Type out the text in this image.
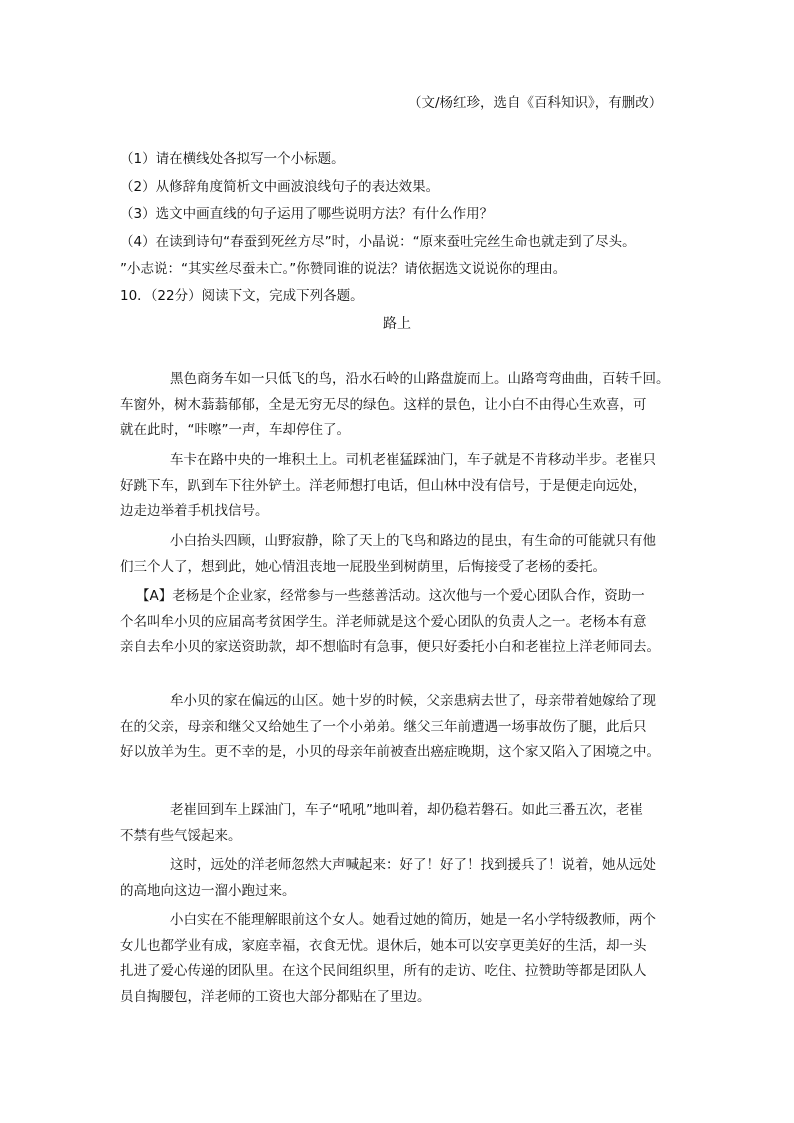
（文/杨红珍，选自《百科知识》，有删改）
（1）请在横线处各拟写一个小标题。
（2）从修辞角度简析文中画波浪线句子的表达效果。
（3）选文中画直线的句子运用了哪些说明方法？有什么作用？
（4）在读到诗句“春蚕到死丝方尽”时，小晶说：“原来蚕吐完丝生命也就走到了尽头。
”小志说：“其实丝尽蚕未亡。”你赞同谁的说法？请依据选文说说你的理由。
10．（22分）阅读下文，完成下列各题。
路上
黑色商务车如一只低飞的鸟，沿水石岭的山路盘旋而上。山路弯弯曲曲，百转千回。
车窗外，树木蓊蓊郁郁，全是无穷无尽的绿色。这样的景色，让小白不由得心生欢喜，可
就在此时，“咔嚓”一声，车却停住了。
车卡在路中央的一堆积土上。司机老崔猛踩油门，车子就是不肯移动半步。老崔只
好跳下车，趴到车下往外铲土。洋老师想打电话，但山林中没有信号，于是便走向远处，
边走边举着手机找信号。
小白抬头四顾，山野寂静，除了天上的飞鸟和路边的昆虫，有生命的可能就只有他
们三个人了，想到此，她心情沮丧地一屁股坐到树荫里，后悔接受了老杨的委托。
【A】老杨是个企业家，经常参与一些慈善活动。这次他与一个爱心团队合作，资助一
个名叫牟小贝的应届高考贫困学生。洋老师就是这个爱心团队的负责人之一。老杨本有意
亲自去牟小贝的家送资助款，却不想临时有急事，便只好委托小白和老崔拉上洋老师同去。
牟小贝的家在偏远的山区。她十岁的时候，父亲患病去世了，母亲带着她嫁给了现
在的父亲，母亲和继父又给她生了一个小弟弟。继父三年前遭遇一场事故伤了腿，此后只
好以放羊为生。更不幸的是，小贝的母亲年前被查出癌症晚期，这个家又陷入了困境之中。
老崔回到车上踩油门，车子“吼吼”地叫着，却仍稳若磐石。如此三番五次，老崔
不禁有些气馁起来。
这时，远处的洋老师忽然大声喊起来：好了！好了！找到援兵了！说着，她从远处
的高地向这边一溜小跑过来。
小白实在不能理解眼前这个女人。她看过她的简历，她是一名小学特级教师，两个
女儿也都学业有成，家庭幸福，衣食无忧。退休后，她本可以安享更美好的生活，却一头
扎进了爱心传递的团队里。在这个民间组织里，所有的走访、吃住、拉赞助等都是团队人
员自掏腰包，洋老师的工资也大部分都贴在了里边。
